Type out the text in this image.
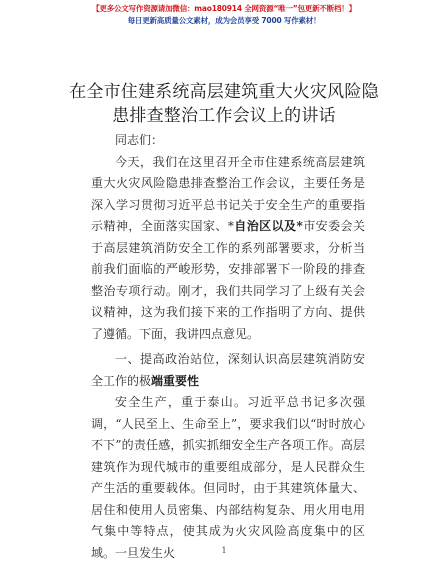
【更多公文写作资源请加微信：mao180914 全网资源“唯一”包更新不断档！】
每日更新高质量公文素材，成为会员享受 7000 写作素材！
在全市住建系统高层建筑重大火灾风险隐患排查整治工作会议上的讲话

同志们：

今天，我们在这里召开全市住建系统高层建筑重大火灾风险隐患排查整治工作会议，主要任务是深入学习贯彻习近平总书记关于安全生产的重要指示精神，全面落实国家、*自治区以及*市安委会关于高层建筑消防安全工作的系列部署要求，分析当前我们面临的严峻形势，安排部署下一阶段的排查整治专项行动。刚才，我们共同学习了上级有关会议精神，这为我们接下来的工作指明了方向、提供了遵循。下面，我讲四点意见。

一、提高政治站位，深刻认识高层建筑消防安全工作的极端重要性

安全生产，重于泰山。习近平总书记多次强调，“人民至上、生命至上”，要求我们以“时时放心不下”的责任感，抓实抓细安全生产各项工作。高层建筑作为现代城市的重要组成部分，是人民群众生产生活的重要载体。但同时，由于其建筑体量大、居住和使用人员密集、内部结构复杂、用火用电用气集中等特点，使其成为火灾风险高度集中的区域。一旦发生火	1
